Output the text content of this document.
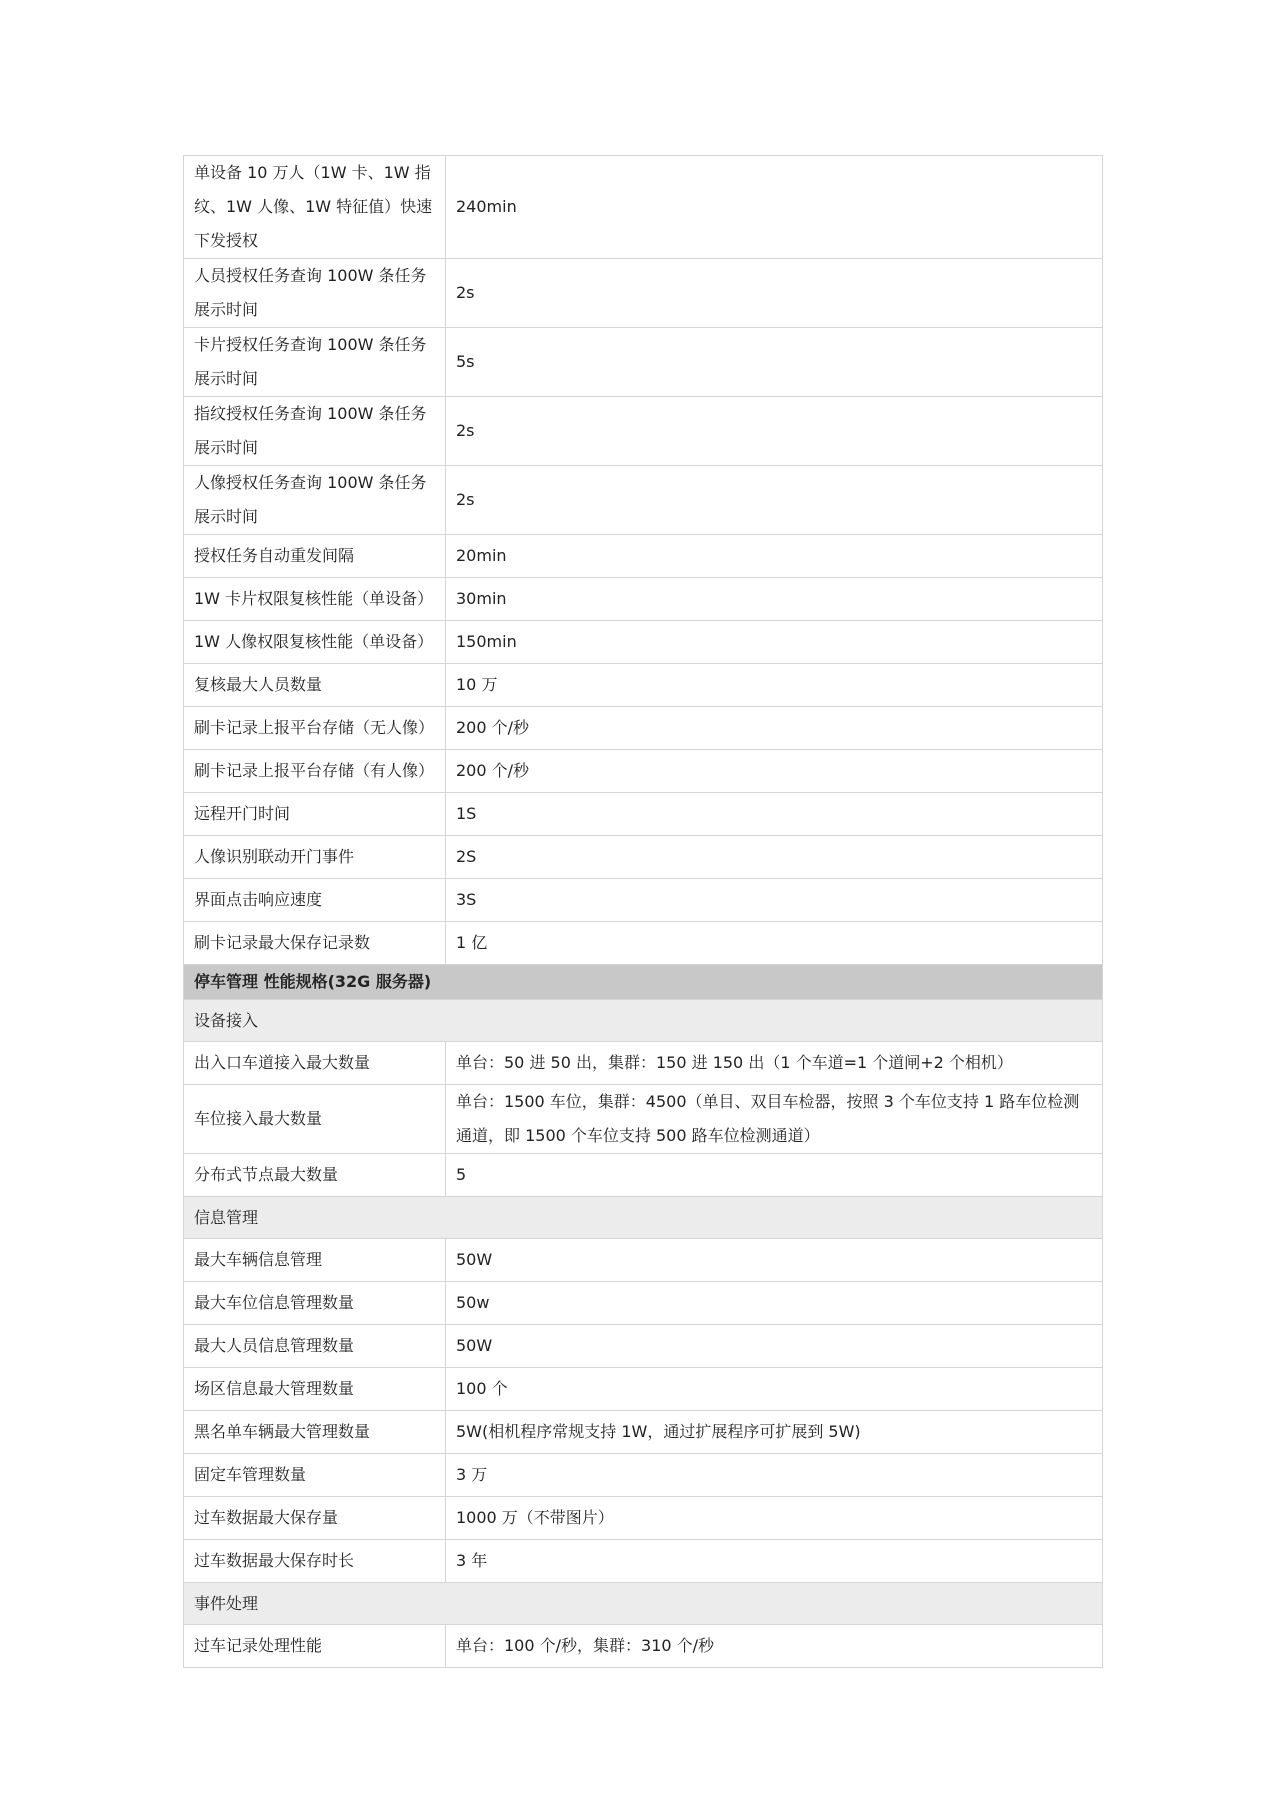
单设备 10 万人（1W 卡、1W 指纹、1W 人像、1W 特征值）快速下发授权	240min
人员授权任务查询 100W 条任务展示时间	2s
卡片授权任务查询 100W 条任务展示时间	5s
指纹授权任务查询 100W 条任务展示时间	2s
人像授权任务查询 100W 条任务展示时间	2s
授权任务自动重发间隔	20min
1W 卡片权限复核性能（单设备）	30min
1W 人像权限复核性能（单设备）	150min
复核最大人员数量	10 万
刷卡记录上报平台存储（无人像）	200 个/秒
刷卡记录上报平台存储（有人像）	200 个/秒
远程开门时间	1S
人像识别联动开门事件	2S
界面点击响应速度	3S
刷卡记录最大保存记录数	1 亿
停车管理 性能规格(32G 服务器)	
设备接入	
出入口车道接入最大数量	单台：50 进 50 出，集群：150 进 150 出（1 个车道=1 个道闸+2 个相机）
车位接入最大数量	单台：1500 车位，集群：4500（单目、双目车检器，按照 3 个车位支持 1 路车位检测通道，即 1500 个车位支持 500 路车位检测通道）
分布式节点最大数量	5
信息管理	
最大车辆信息管理	50W
最大车位信息管理数量	50w
最大人员信息管理数量	50W
场区信息最大管理数量	100 个
黑名单车辆最大管理数量	5W(相机程序常规支持 1W，通过扩展程序可扩展到 5W)
固定车管理数量	3 万
过车数据最大保存量	1000 万（不带图片）
过车数据最大保存时长	3 年
事件处理	
过车记录处理性能	单台：100 个/秒，集群：310 个/秒
